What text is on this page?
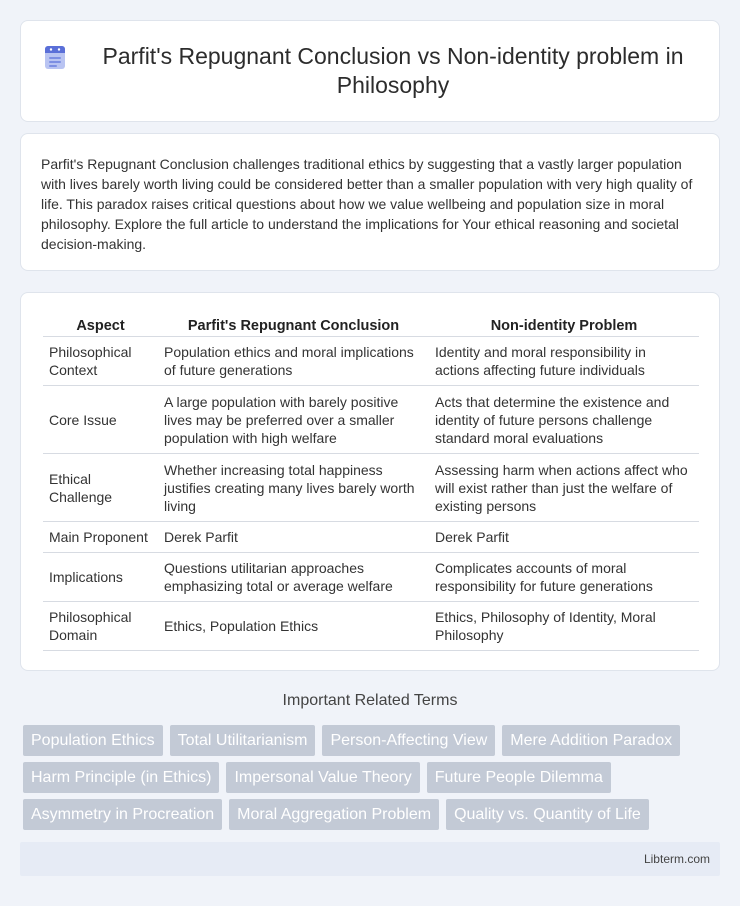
Parfit's Repugnant Conclusion vs Non-identity problem in Philosophy

Parfit's Repugnant Conclusion challenges traditional ethics by suggesting that a vastly larger population with lives barely worth living could be considered better than a smaller population with very high quality of life. This paradox raises critical questions about how we value wellbeing and population size in moral philosophy. Explore the full article to understand the implications for Your ethical reasoning and societal decision-making.

Aspect	Parfit's Repugnant Conclusion	Non-identity Problem
Philosophical Context	Population ethics and moral implications of future generations	Identity and moral responsibility in actions affecting future individuals
Core Issue	A large population with barely positive lives may be preferred over a smaller population with high welfare	Acts that determine the existence and identity of future persons challenge standard moral evaluations
Ethical Challenge	Whether increasing total happiness justifies creating many lives barely worth living	Assessing harm when actions affect who will exist rather than just the welfare of existing persons
Main Proponent	Derek Parfit	Derek Parfit
Implications	Questions utilitarian approaches emphasizing total or average welfare	Complicates accounts of moral responsibility for future generations
Philosophical Domain	Ethics, Population Ethics	Ethics, Philosophy of Identity, Moral Philosophy
Important Related Terms
Population Ethics	Total Utilitarianism	Person-Affecting View	Mere Addition Paradox
Harm Principle (in Ethics)	Impersonal Value Theory	Future People Dilemma
Asymmetry in Procreation	Moral Aggregation Problem	Quality vs. Quantity of Life
Libterm.com
